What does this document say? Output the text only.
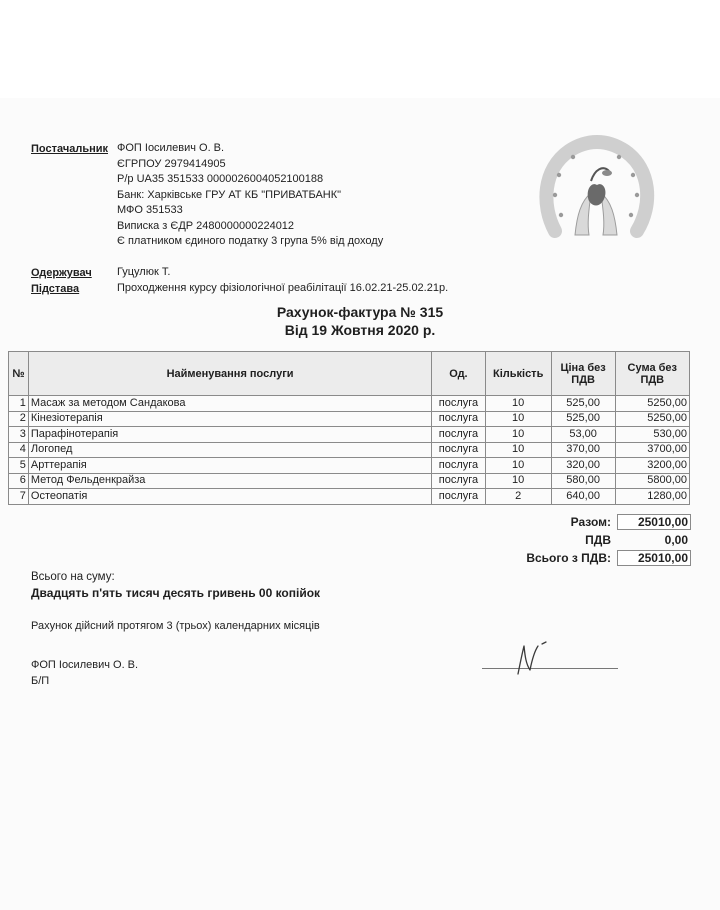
Постачальник ФОП Іосилевич О. В.
ЄГРПОУ 2979414905
Р/р UA35 351533 0000026004052100188
Банк: Харківське ГРУ АТ КБ "ПРИВАТБАНК"
МФО 351533
Виписка з ЄДР 2480000000224012
Є платником єдиного податку 3 група 5% від доходу
Одержувач Гуцулюк Т.
Підстава	Проходження курсу фізіологічної реабілітації 16.02.21-25.02.21р.
Рахунок-фактура № 315
Від 19 Жовтня 2020 р.
№	Найменування послуги	Од.	Кількість	Ціна без ПДВ	Сума без ПДВ
1	Масаж за методом Сандакова	послуга	10	525,00	5250,00
2	Кінезіотерапія	послуга	10	525,00	5250,00
3	Парафінотерапія	послуга	10	53,00	530,00
4	Логопед	послуга	10	370,00	3700,00
5	Арттерапія	послуга	10	320,00	3200,00
6	Метод Фельденкрайза	послуга	10	580,00	5800,00
7	Остеопатія	послуга	2	640,00	1280,00
Разом:	25010,00
ПДВ	0,00
Всього з ПДВ:	25010,00
Всього на суму:
Двадцять п'ять тисяч десять гривень 00 копійок
Рахунок дійсний протягом 3 (трьох) календарних місяців
ФОП Іосилевич О. В.
Б/П
